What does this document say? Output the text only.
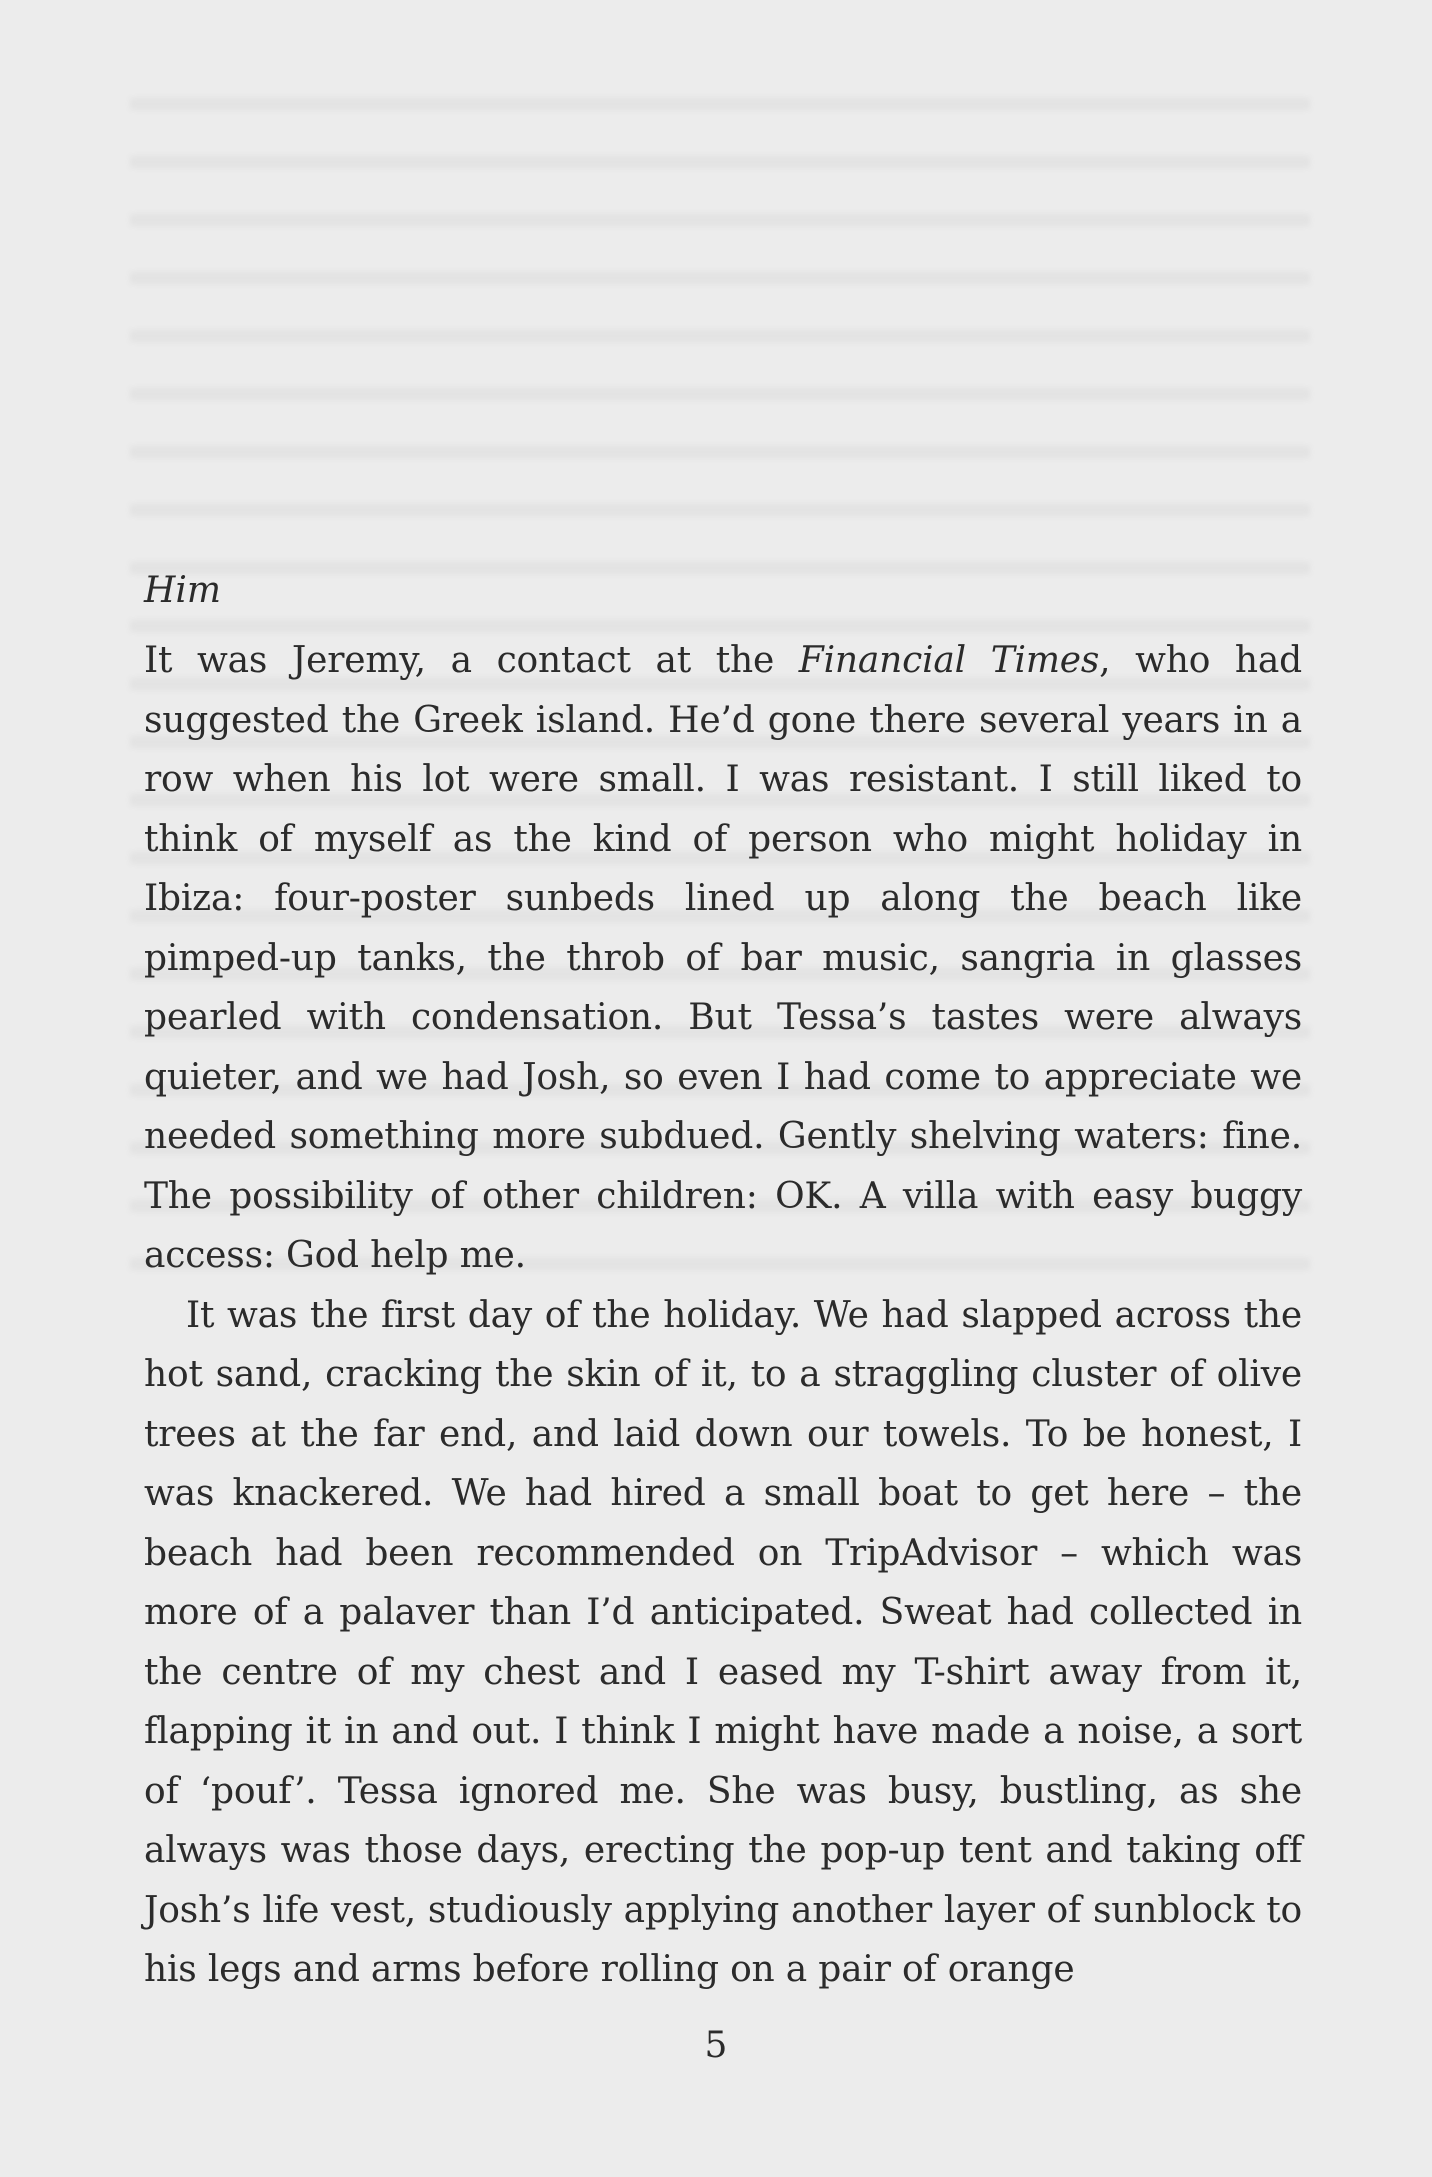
Him

It was Jeremy, a contact at the Financial Times, who had suggested the Greek island. He’d gone there several years in a row when his lot were small. I was resistant. I still liked to think of myself as the kind of person who might holiday in Ibiza: four-poster sunbeds lined up along the beach like pimped-up tanks, the throb of bar music, sangria in glasses pearled with condensation. But Tessa’s tastes were always quieter, and we had Josh, so even I had come to appreciate we needed something more subdued. Gently shelving waters: fine. The possibility of other children: OK. A villa with easy buggy access: God help me.

It was the first day of the holiday. We had slapped across the hot sand, cracking the skin of it, to a straggling cluster of olive trees at the far end, and laid down our towels. To be honest, I was knackered. We had hired a small boat to get here – the beach had been recommended on TripAdvisor – which was more of a palaver than I’d anticipated. Sweat had collected in the centre of my chest and I eased my T-shirt away from it, flapping it in and out. I think I might have made a noise, a sort of ‘pouf’. Tessa ignored me. She was busy, bustling, as she always was those days, erecting the pop-up tent and taking off Josh’s life vest, studiously applying another layer of sunblock to his legs and arms before rolling on a pair of orange

5
